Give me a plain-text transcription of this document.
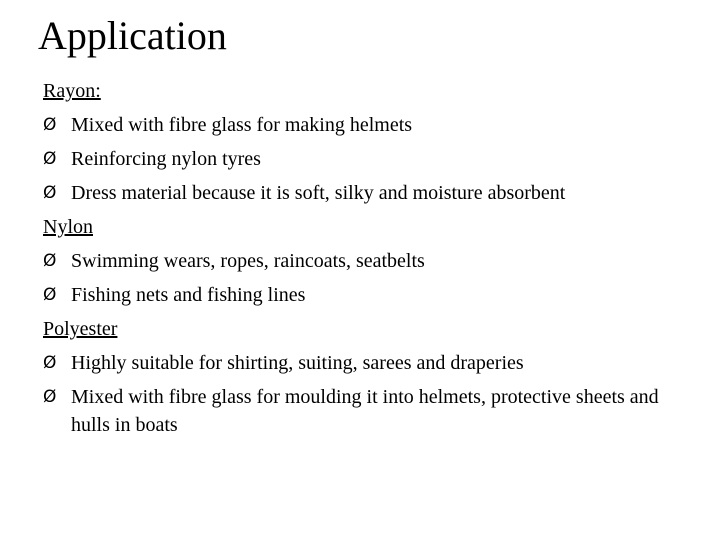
Application
Rayon:
Ø Mixed with fibre glass for making helmets
Ø Reinforcing nylon tyres
Ø Dress material because it is soft, silky and moisture absorbent
Nylon
Ø Swimming wears, ropes, raincoats, seatbelts
Ø Fishing nets and fishing lines
Polyester
Ø Highly suitable for shirting, suiting, sarees and draperies
Ø Mixed with fibre glass for moulding it into helmets, protective sheets and hulls in boats
